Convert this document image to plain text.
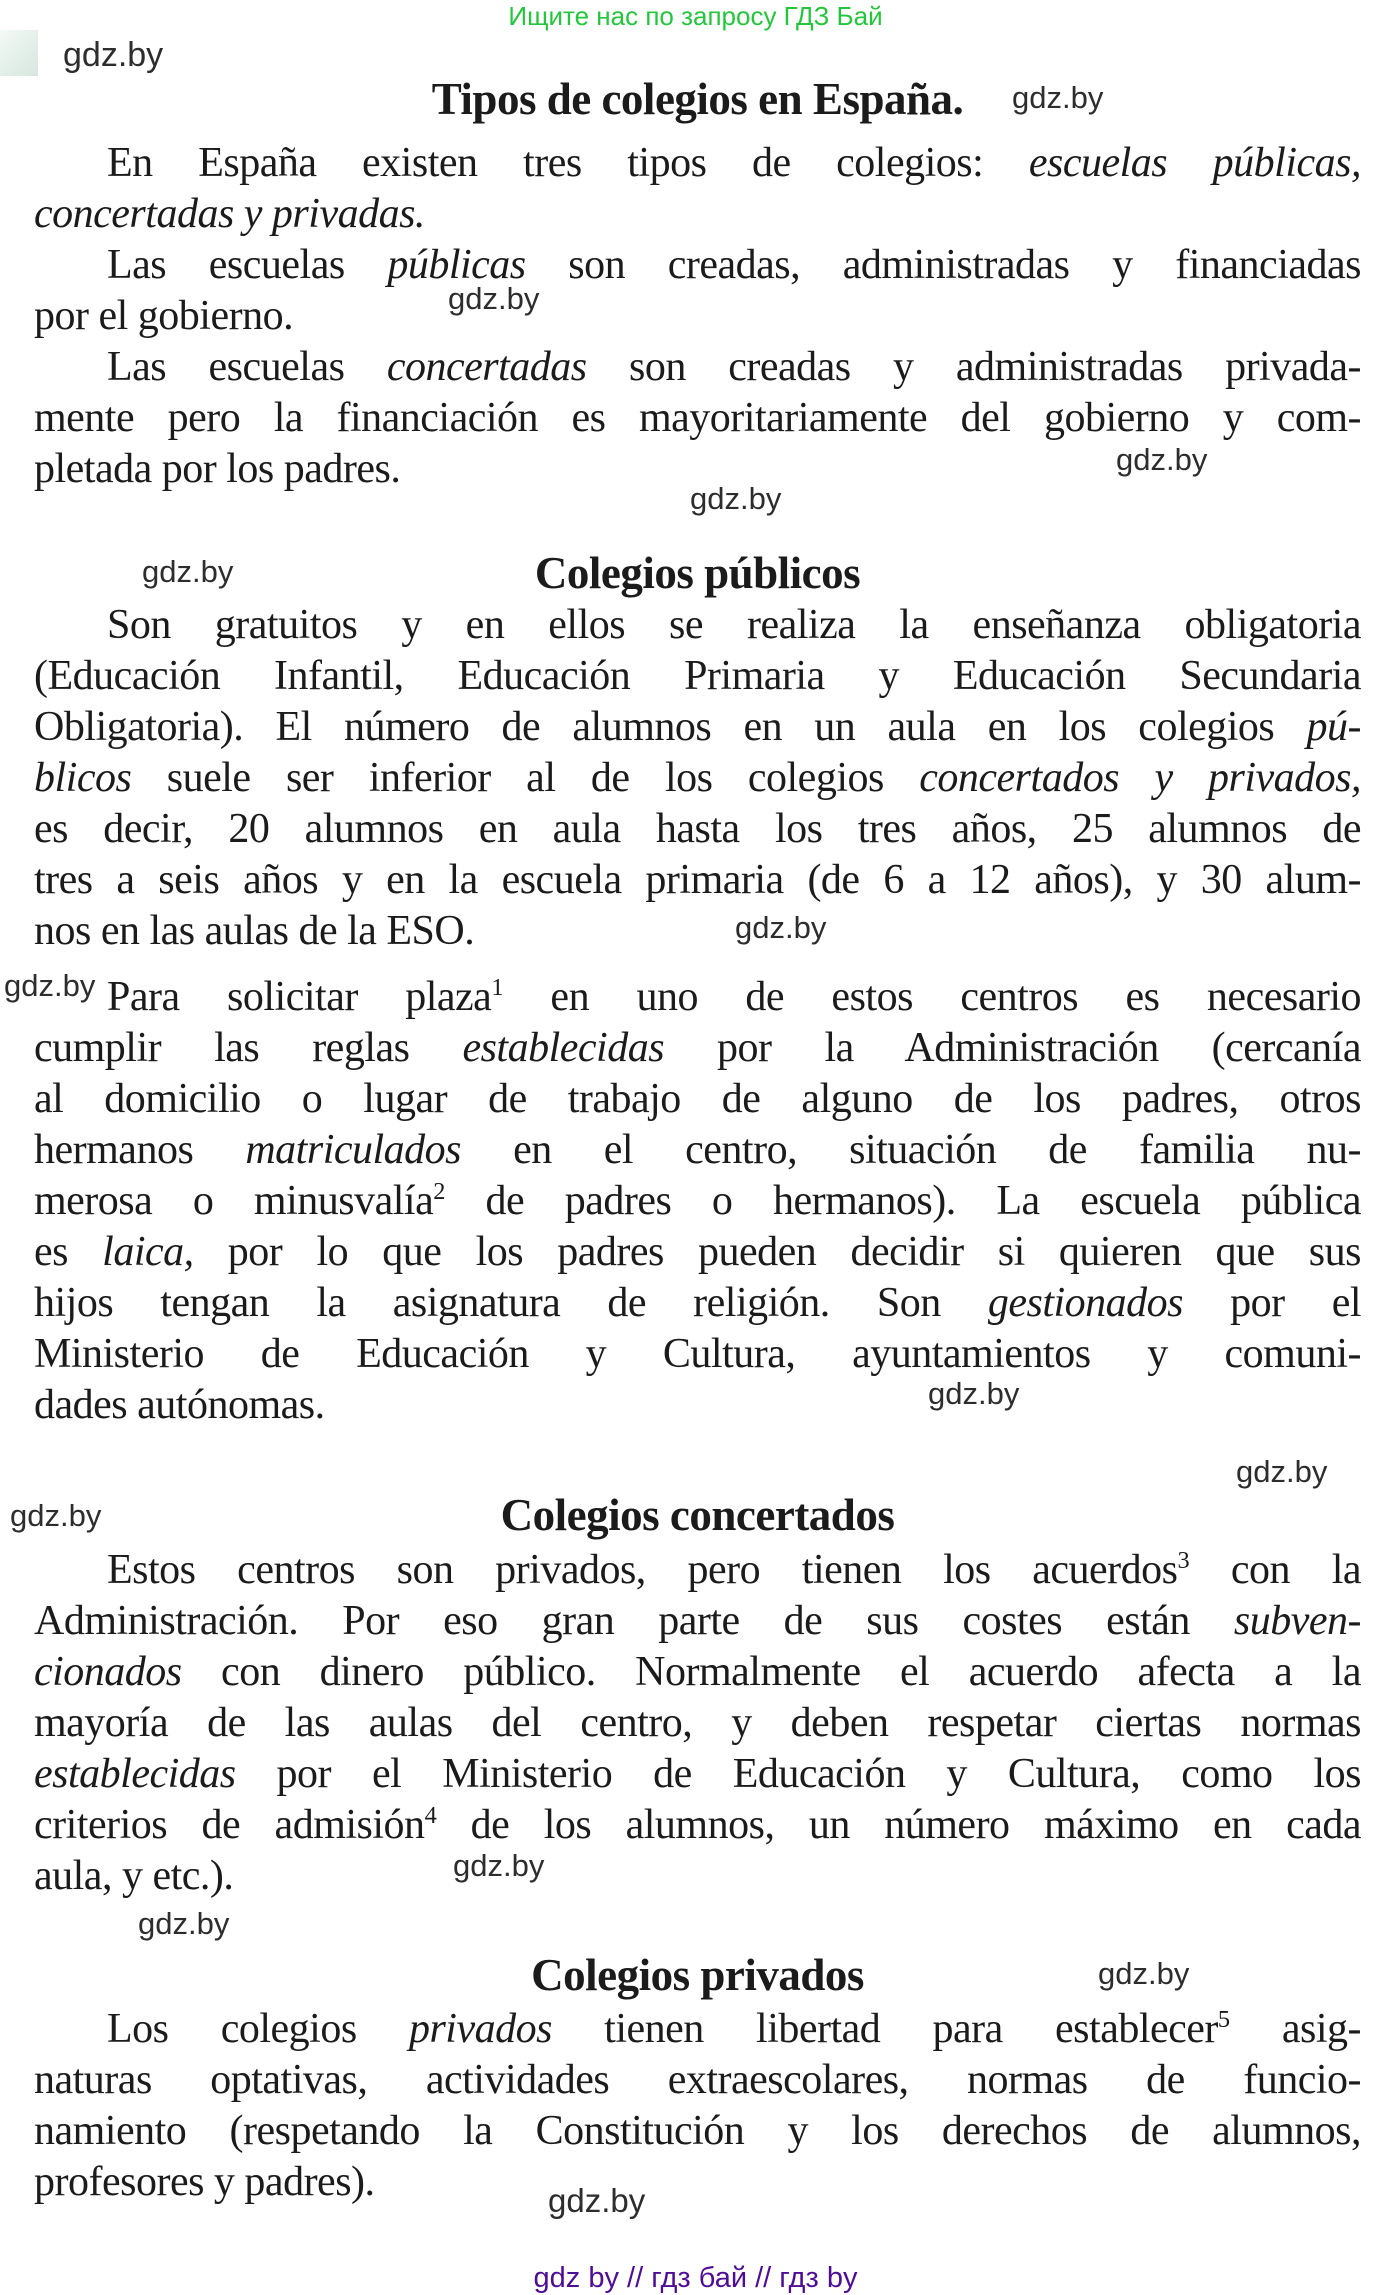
Ищите нас по запросу ГДЗ Бай
gdz.by
gdz.by
gdz.by
gdz.by
gdz.by
gdz.by
gdz.by
gdz.by
gdz.by
gdz.by
gdz.by
gdz.by
gdz.by
gdz.by
gdz.by
Tipos de colegios en España.
En España existen tres tipos de colegios: escuelas públicas,
concertadas y privadas.
Las escuelas públicas son creadas, administradas y financiadas
por el gobierno.
Las escuelas concertadas son creadas y administradas privada-
mente pero la financiación es mayoritariamente del gobierno y com-
pletada por los padres.
Colegios públicos
Son gratuitos y en ellos se realiza la enseñanza obligatoria
(Educación Infantil, Educación Primaria y Educación Secundaria
Obligatoria). El número de alumnos en un aula en los colegios pú-
blicos suele ser inferior al de los colegios concertados y privados,
es decir, 20 alumnos en aula hasta los tres años, 25 alumnos de
tres a seis años y en la escuela primaria (de 6 a 12 años), y 30 alum-
nos en las aulas de la ESO.
Para solicitar plaza$^1$ en uno de estos centros es necesario
cumplir las reglas establecidas por la Administración (cercanía
al domicilio o lugar de trabajo de alguno de los padres, otros
hermanos matriculados en el centro, situación de familia nu-
merosa o minusvalía$^2$ de padres o hermanos). La escuela pública
es laica, por lo que los padres pueden decidir si quieren que sus
hijos tengan la asignatura de religión. Son gestionados por el
Ministerio de Educación y Cultura, ayuntamientos y comuni-
dades autónomas.
Colegios concertados
Estos centros son privados, pero tienen los acuerdos$^3$ con la
Administración. Por eso gran parte de sus costes están subven-
cionados con dinero público. Normalmente el acuerdo afecta a la
mayoría de las aulas del centro, y deben respetar ciertas normas
establecidas por el Ministerio de Educación y Cultura, como los
criterios de admisión$^4$ de los alumnos, un número máximo en cada
aula, y etc.).
Colegios privados
Los colegios privados tienen libertad para establecer$^5$ asig-
naturas optativas, actividades extraescolares, normas de funcio-
namiento (respetando la Constitución y los derechos de alumnos,
profesores y padres).
gdz by // гдз бай // гдз by
